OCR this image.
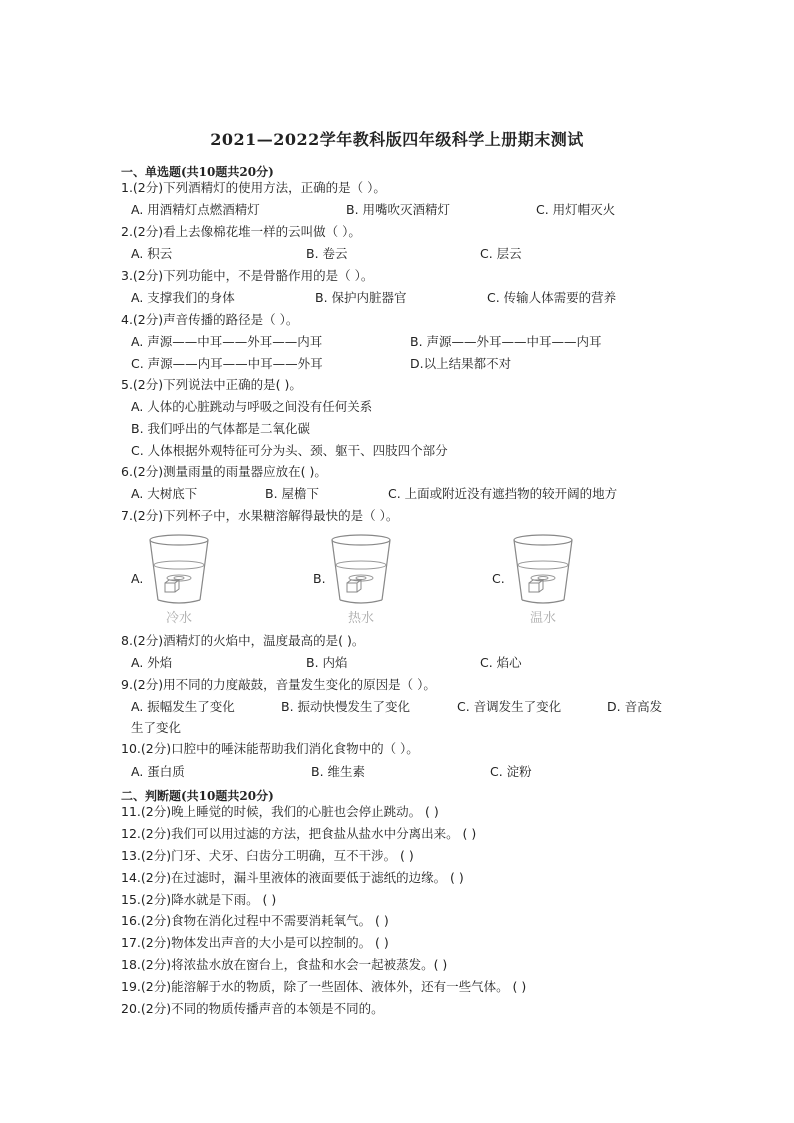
2021—2022学年教科版四年级科学上册期末测试
一、单选题(共10题共20分)
1.(2分)下列酒精灯的使用方法，正确的是（ ）。
A. 用酒精灯点燃酒精灯	B. 用嘴吹灭酒精灯	C. 用灯帽灭火
2.(2分)看上去像棉花堆一样的云叫做（ ）。
A. 积云	B. 卷云	C. 层云
3.(2分)下列功能中，不是骨骼作用的是（ ）。
A. 支撑我们的身体	B. 保护内脏器官	C. 传输人体需要的营养
4.(2分)声音传播的路径是（ ）。
A. 声源——中耳——外耳——内耳	B. 声源——外耳——中耳——内耳
C. 声源——内耳——中耳——外耳	D.以上结果都不对
5.(2分)下列说法中正确的是( )。
A. 人体的心脏跳动与呼吸之间没有任何关系
B. 我们呼出的气体都是二氧化碳
C. 人体根据外观特征可分为头、颈、躯干、四肢四个部分
6.(2分)测量雨量的雨量器应放在( )。
A. 大树底下	B. 屋檐下	C. 上面或附近没有遮挡物的较开阔的地方
7.(2分)下列杯子中，水果糖溶解得最快的是（ ）。
A.	B.	C.
冷水	热水	温水
8.(2分)酒精灯的火焰中，温度最高的是( )。
A. 外焰	B. 内焰	C. 焰心
9.(2分)用不同的力度敲鼓，音量发生变化的原因是（ ）。
A. 振幅发生了变化	B. 振动快慢发生了变化	C. 音调发生了变化	D. 音高发
生了变化
10.(2分)口腔中的唾沫能帮助我们消化食物中的（ ）。
A. 蛋白质	B. 维生素	C. 淀粉
二、判断题(共10题共20分)
11.(2分)晚上睡觉的时候，我们的心脏也会停止跳动。 ( )
12.(2分)我们可以用过滤的方法，把食盐从盐水中分离出来。 ( )
13.(2分)门牙、犬牙、臼齿分工明确，互不干涉。 ( )
14.(2分)在过滤时，漏斗里液体的液面要低于滤纸的边缘。 ( )
15.(2分)降水就是下雨。 ( )
16.(2分)食物在消化过程中不需要消耗氧气。 ( )
17.(2分)物体发出声音的大小是可以控制的。 ( )
18.(2分)将浓盐水放在窗台上，食盐和水会一起被蒸发。( )
19.(2分)能溶解于水的物质，除了一些固体、液体外，还有一些气体。 ( )
20.(2分)不同的物质传播声音的本领是不同的。
